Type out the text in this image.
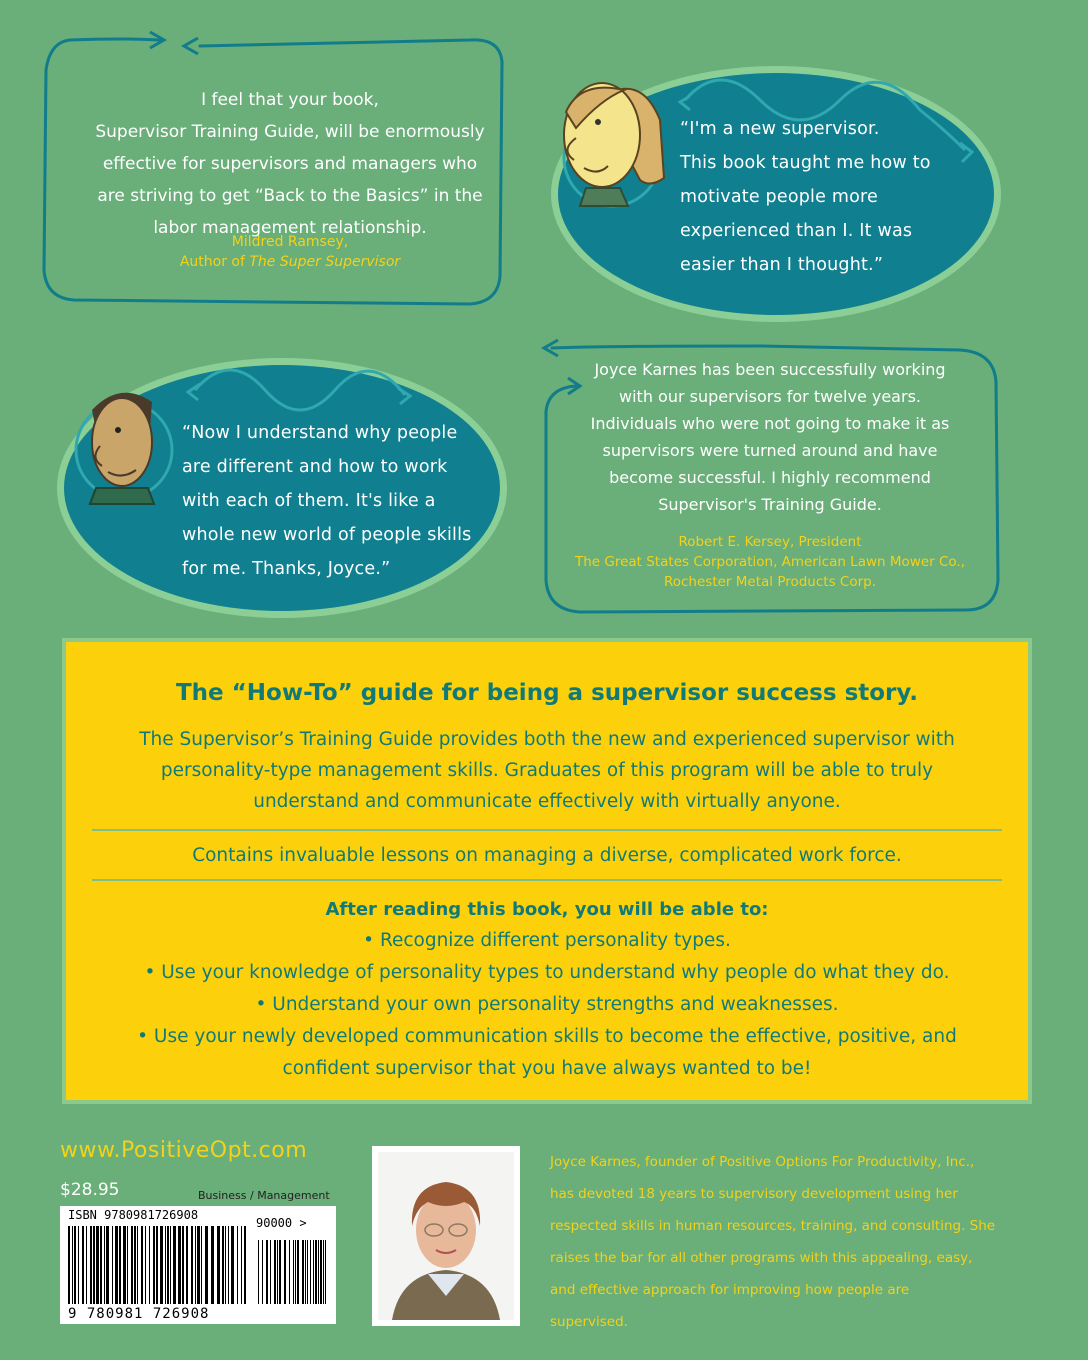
I feel that your book,
Supervisor Training Guide, will be enormously
effective for supervisors and managers who
are striving to get “Back to the Basics” in the
labor management relationship.
Mildred Ramsey,
Author of The Super Supervisor
“I'm a new supervisor.
This book taught me how to
motivate people more
experienced than I. It was
easier than I thought.”
“Now I understand why people
are different and how to work
with each of them. It's like a
whole new world of people skills
for me. Thanks, Joyce.”
Joyce Karnes has been successfully working
with our supervisors for twelve years.
Individuals who were not going to make it as
supervisors were turned around and have
become successful. I highly recommend
Supervisor's Training Guide.
Robert E. Kersey, President
The Great States Corporation, American Lawn Mower Co.,
Rochester Metal Products Corp.
The “How-To” guide for being a supervisor success story.
The Supervisor’s Training Guide provides both the new and experienced supervisor with
personality-type management skills. Graduates of this program will be able to truly
understand and communicate effectively with virtually anyone.
Contains invaluable lessons on managing a diverse, complicated work force.
After reading this book, you will be able to:
• Recognize different personality types.
• Use your knowledge of personality types to understand why people do what they do.
• Understand your own personality strengths and weaknesses.
• Use your newly developed communication skills to become the effective, positive, and
confident supervisor that you have always wanted to be!
www.PositiveOpt.com
$28.95	Business / Management
ISBN 9780981726908
90000 >
9 780981 726908
Joyce Karnes, founder of Positive Options For Productivity, Inc.,
has devoted 18 years to supervisory development using her
respected skills in human resources, training, and consulting. She
raises the bar for all other programs with this appealing, easy,
and effective approach for improving how people are
supervised.
